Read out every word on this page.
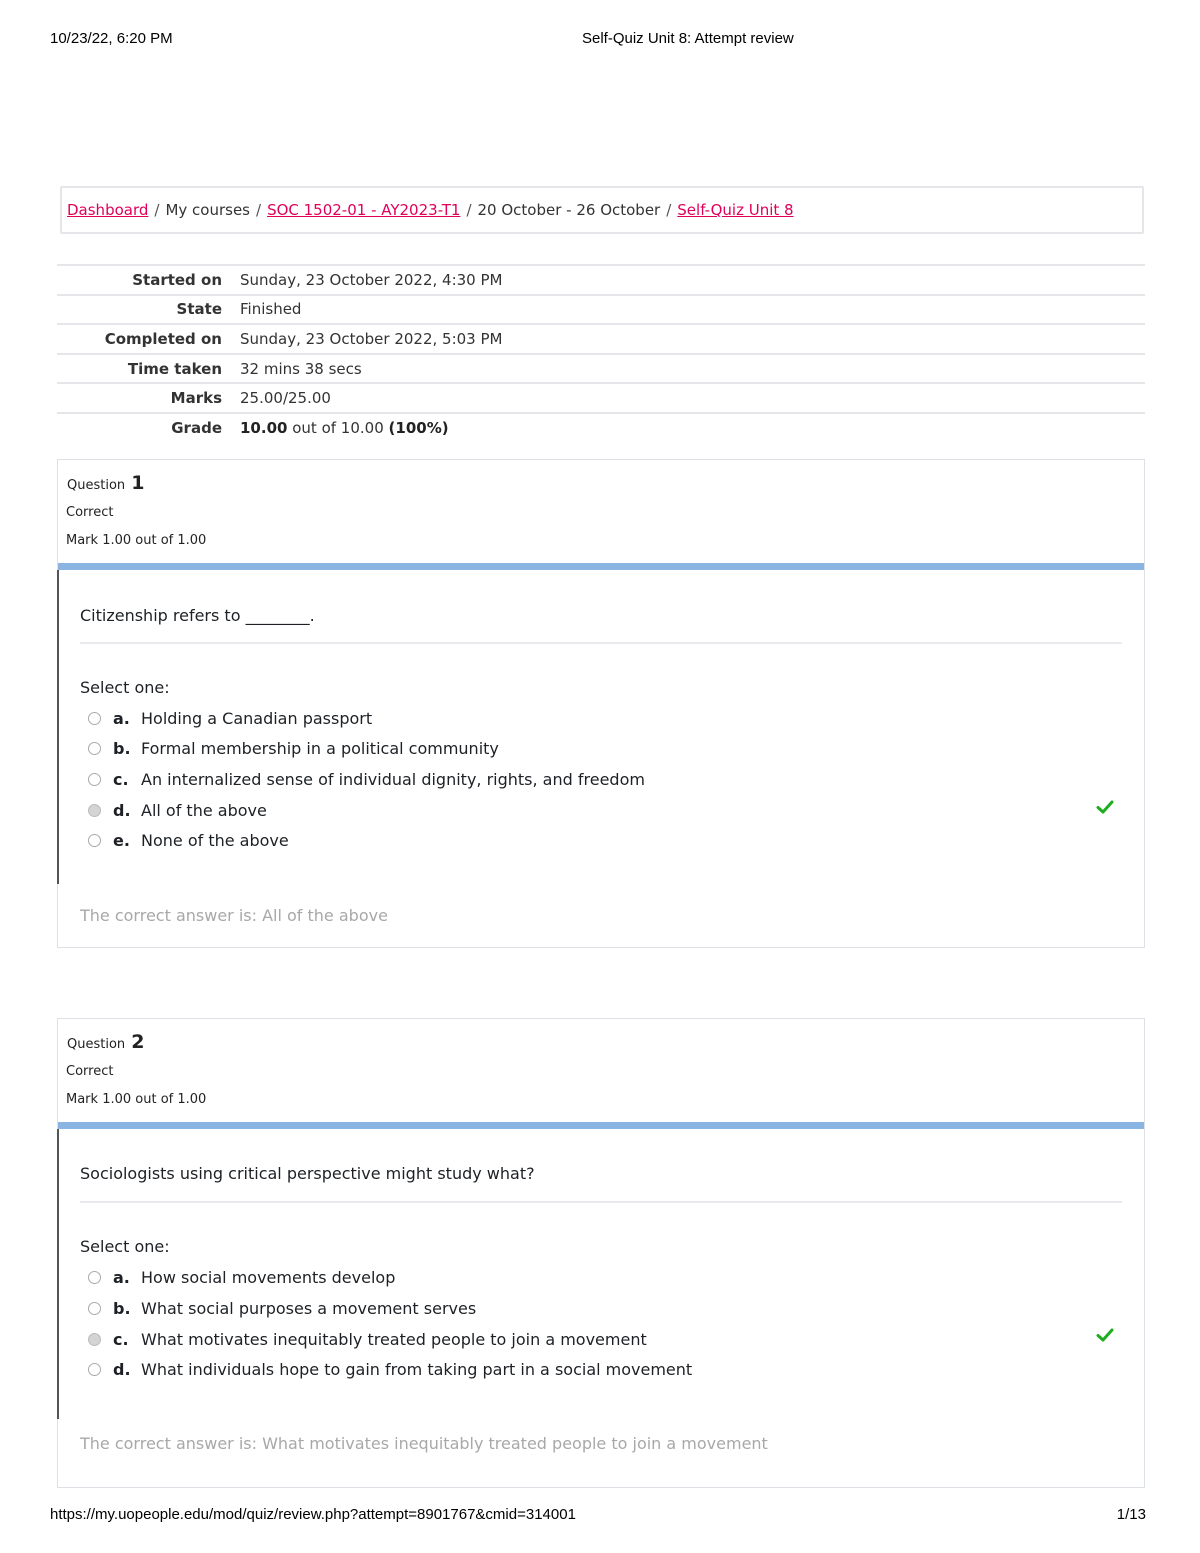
10/23/22, 6:20 PM	Self-Quiz Unit 8: Attempt review
Dashboard / My courses / SOC 1502-01 - AY2023-T1 / 20 October - 26 October / Self-Quiz Unit 8
Started on	Sunday, 23 October 2022, 4:30 PM
State	Finished
Completed on	Sunday, 23 October 2022, 5:03 PM
Time taken	32 mins 38 secs
Marks	25.00/25.00
Grade	10.00 out of 10.00 (100%)
Question 1
Correct
Mark 1.00 out of 1.00
Citizenship refers to ________.
Select one:
a. Holding a Canadian passport
b. Formal membership in a political community
c. An internalized sense of individual dignity, rights, and freedom
d. All of the above
e. None of the above
The correct answer is: All of the above
Question 2
Correct
Mark 1.00 out of 1.00
Sociologists using critical perspective might study what?
Select one:
a. How social movements develop
b. What social purposes a movement serves
c. What motivates inequitably treated people to join a movement
d. What individuals hope to gain from taking part in a social movement
The correct answer is: What motivates inequitably treated people to join a movement
https://my.uopeople.edu/mod/quiz/review.php?attempt=8901767&cmid=314001	1/13
